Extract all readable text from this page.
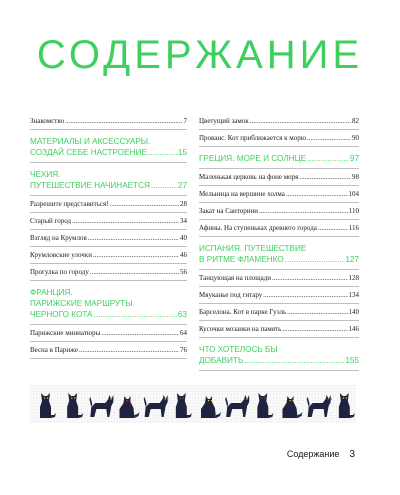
СОДЕРЖАНИЕ
Знакомство .....	7
МАТЕРИАЛЫ И АКСЕССУАРЫ.
СОЗДАЙ СЕБЕ НАСТРОЕНИЕ .....	15
ЧЕХИЯ.
ПУТЕШЕСТВИЕ НАЧИНАЕТСЯ .....	27
Разрешите представиться! .....	28
Старый город .....	34
Взгляд на Крумлов .....	40
Крумловские улочки .....	46
Прогулка по городу .....	56
ФРАНЦИЯ.
ПАРИЖСКИЕ МАРШРУТЫ
ЧЕРНОГО КОТА .....	63
Парижские миниатюры .....	64
Весна в Париже .....	76
Цветущий замок .....	82
Прованс. Кот приближается к морю .....	90
ГРЕЦИЯ. МОРЕ И СОЛНЦЕ .....	97
Маленькая церковь на фоне моря .....	98
Мельница на вершине холма .....	104
Закат на Санторини .....	110
Афины. На ступеньках древнего города .....	116
ИСПАНИЯ. ПУТЕШЕСТВИЕ
В РИТМЕ ФЛАМЕНКО .....	127
Танцующая на площади .....	128
Мяуканье под гитару .....	134
Барселона. Кот в парке Гуэль .....	140
Кусочки мозаики на память .....	146
ЧТО ХОТЕЛОСЬ БЫ
ДОБАВИТЬ .....	155
Содержание 3
